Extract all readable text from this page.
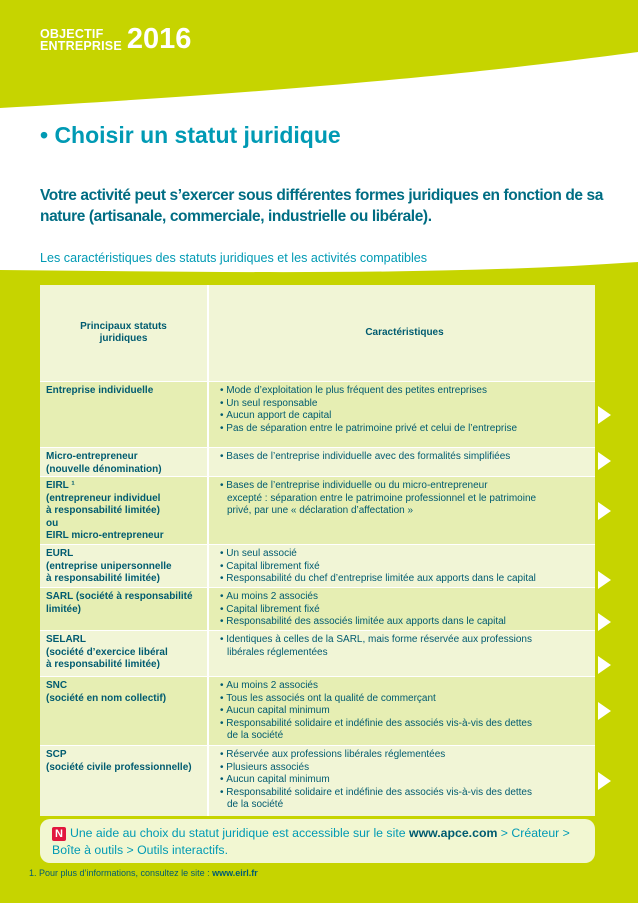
OBJECTIF
ENTREPRISE 2016
• Choisir un statut juridique

Votre activité peut s’exercer sous différentes formes juridiques en fonction de sa nature (artisanale, commerciale, industrielle ou libérale).

Les caractéristiques des statuts juridiques et les activités compatibles

Principaux statuts juridiques
Caractéristiques
Entreprise individuelle
•	Mode d’exploitation le plus fréquent des petites entreprises
• Un seul responsable
• Aucun apport de capital
• Pas de séparation entre le patrimoine privé et celui de l’entreprise
Micro-entrepreneur
(nouvelle dénomination)
• Bases de l’entreprise individuelle avec des formalités simplifiées
EIRL ¹
(entrepreneur individuel
à responsabilité limitée)
ou
EIRL micro-entrepreneur
• Bases de l’entreprise individuelle ou du micro-entrepreneur
excepté : séparation entre le patrimoine professionnel et le patrimoine
privé, par une « déclaration d’affectation »
EURL
(entreprise unipersonnelle
à responsabilité limitée)
• Un seul associé
• Capital librement fixé
• Responsabilité du chef d’entreprise limitée aux apports dans le capital
SARL (société à responsabilité
limitée)
• Au moins 2 associés
• Capital librement fixé
• Responsabilité des associés limitée aux apports dans le capital
SELARL
(société d’exercice libéral
à responsabilité limitée)
• Identiques à celles de la SARL, mais forme réservée aux professions
libérales réglementées
SNC
(société en nom collectif)
• Au moins 2 associés
• Tous les associés ont la qualité de commerçant
• Aucun capital minimum
• Responsabilité solidaire et indéfinie des associés vis-à-vis des dettes
de la société
SCP
(société civile professionnelle)
• Réservée aux professions libérales réglementées
• Plusieurs associés
• Aucun capital minimum
• Responsabilité solidaire et indéfinie des associés vis-à-vis des dettes
de la société
N Une aide au choix du statut juridique est accessible sur le site www.apce.com > Créateur > Boîte à outils > Outils interactifs.
1. Pour plus d’informations, consultez le site : www.eirl.fr
